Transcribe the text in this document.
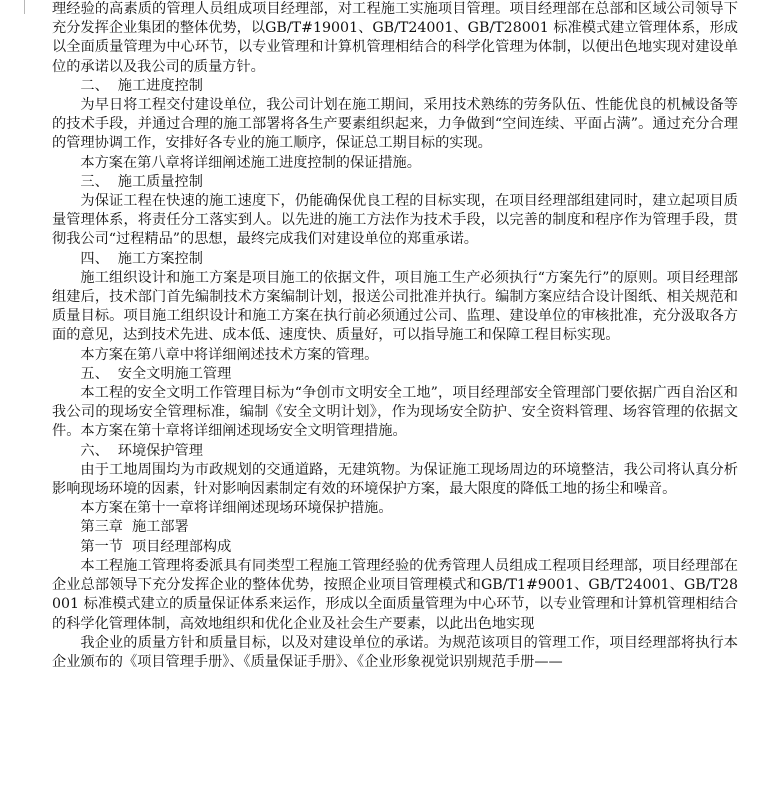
理经验的高素质的管理人员组成项目经理部，对工程施工实施项目管理。项目经理部在总部和区域公司领导下充分发挥企业集团的整体优势，以GB/T#19001、GB/T24001、GB/T28001 标准模式建立管理体系，形成以全面质量管理为中心环节，以专业管理和计算机管理相结合的科学化管理为体制，以便出色地实现对建设单位的承诺以及我公司的质量方针。

二、  施工进度控制

为早日将工程交付建设单位，我公司计划在施工期间，采用技术熟练的劳务队伍、性能优良的机械设备等的技术手段，并通过合理的施工部署将各生产要素组织起来，力争做到“空间连续、平面占满”。通过充分合理的管理协调工作，安排好各专业的施工顺序，保证总工期目标的实现。

本方案在第八章将详细阐述施工进度控制的保证措施。

三、  施工质量控制

为保证工程在快速的施工速度下，仍能确保优良工程的目标实现，在项目经理部组建同时，建立起项目质量管理体系，将责任分工落实到人。以先进的施工方法作为技术手段，以完善的制度和程序作为管理手段，贯彻我公司“过程精品”的思想，最终完成我们对建设单位的郑重承诺。

四、  施工方案控制

施工组织设计和施工方案是项目施工的依据文件，项目施工生产必须执行“方案先行”的原则。项目经理部组建后，技术部门首先编制技术方案编制计划，报送公司批准并执行。编制方案应结合设计图纸、相关规范和质量目标。项目施工组织设计和施工方案在执行前必须通过公司、监理、建设单位的审核批准，充分汲取各方面的意见，达到技术先进、成本低、速度快、质量好，可以指导施工和保障工程目标实现。

本方案在第八章中将详细阐述技术方案的管理。

五、  安全文明施工管理

本工程的安全文明工作管理目标为“争创市文明安全工地”，项目经理部安全管理部门要依据广西自治区和我公司的现场安全管理标准，编制《安全文明计划》，作为现场安全防护、安全资料管理、场容管理的依据文件。本方案在第十章将详细阐述现场安全文明管理措施。

六、  环境保护管理

由于工地周围均为市政规划的交通道路，无建筑物。为保证施工现场周边的环境整洁，我公司将认真分析影响现场环境的因素，针对影响因素制定有效的环境保护方案，最大限度的降低工地的扬尘和噪音。

本方案在第十一章将详细阐述现场环境保护措施。

第三章  施工部署

第一节  项目经理部构成

本工程施工管理将委派具有同类型工程施工管理经验的优秀管理人员组成工程项目经理部，项目经理部在企业总部领导下充分发挥企业的整体优势，按照企业项目管理模式和GB/T1#9001、GB/T24001、GB/T28001 标准模式建立的质量保证体系来运作，形成以全面质量管理为中心环节，以专业管理和计算机管理相结合的科学化管理体制，高效地组织和优化企业及社会生产要素，以此出色地实现

我企业的质量方针和质量目标，以及对建设单位的承诺。为规范该项目的管理工作，项目经理部将执行本企业颁布的《项目管理手册》、《质量保证手册》、《企业形象视觉识别规范手册——
